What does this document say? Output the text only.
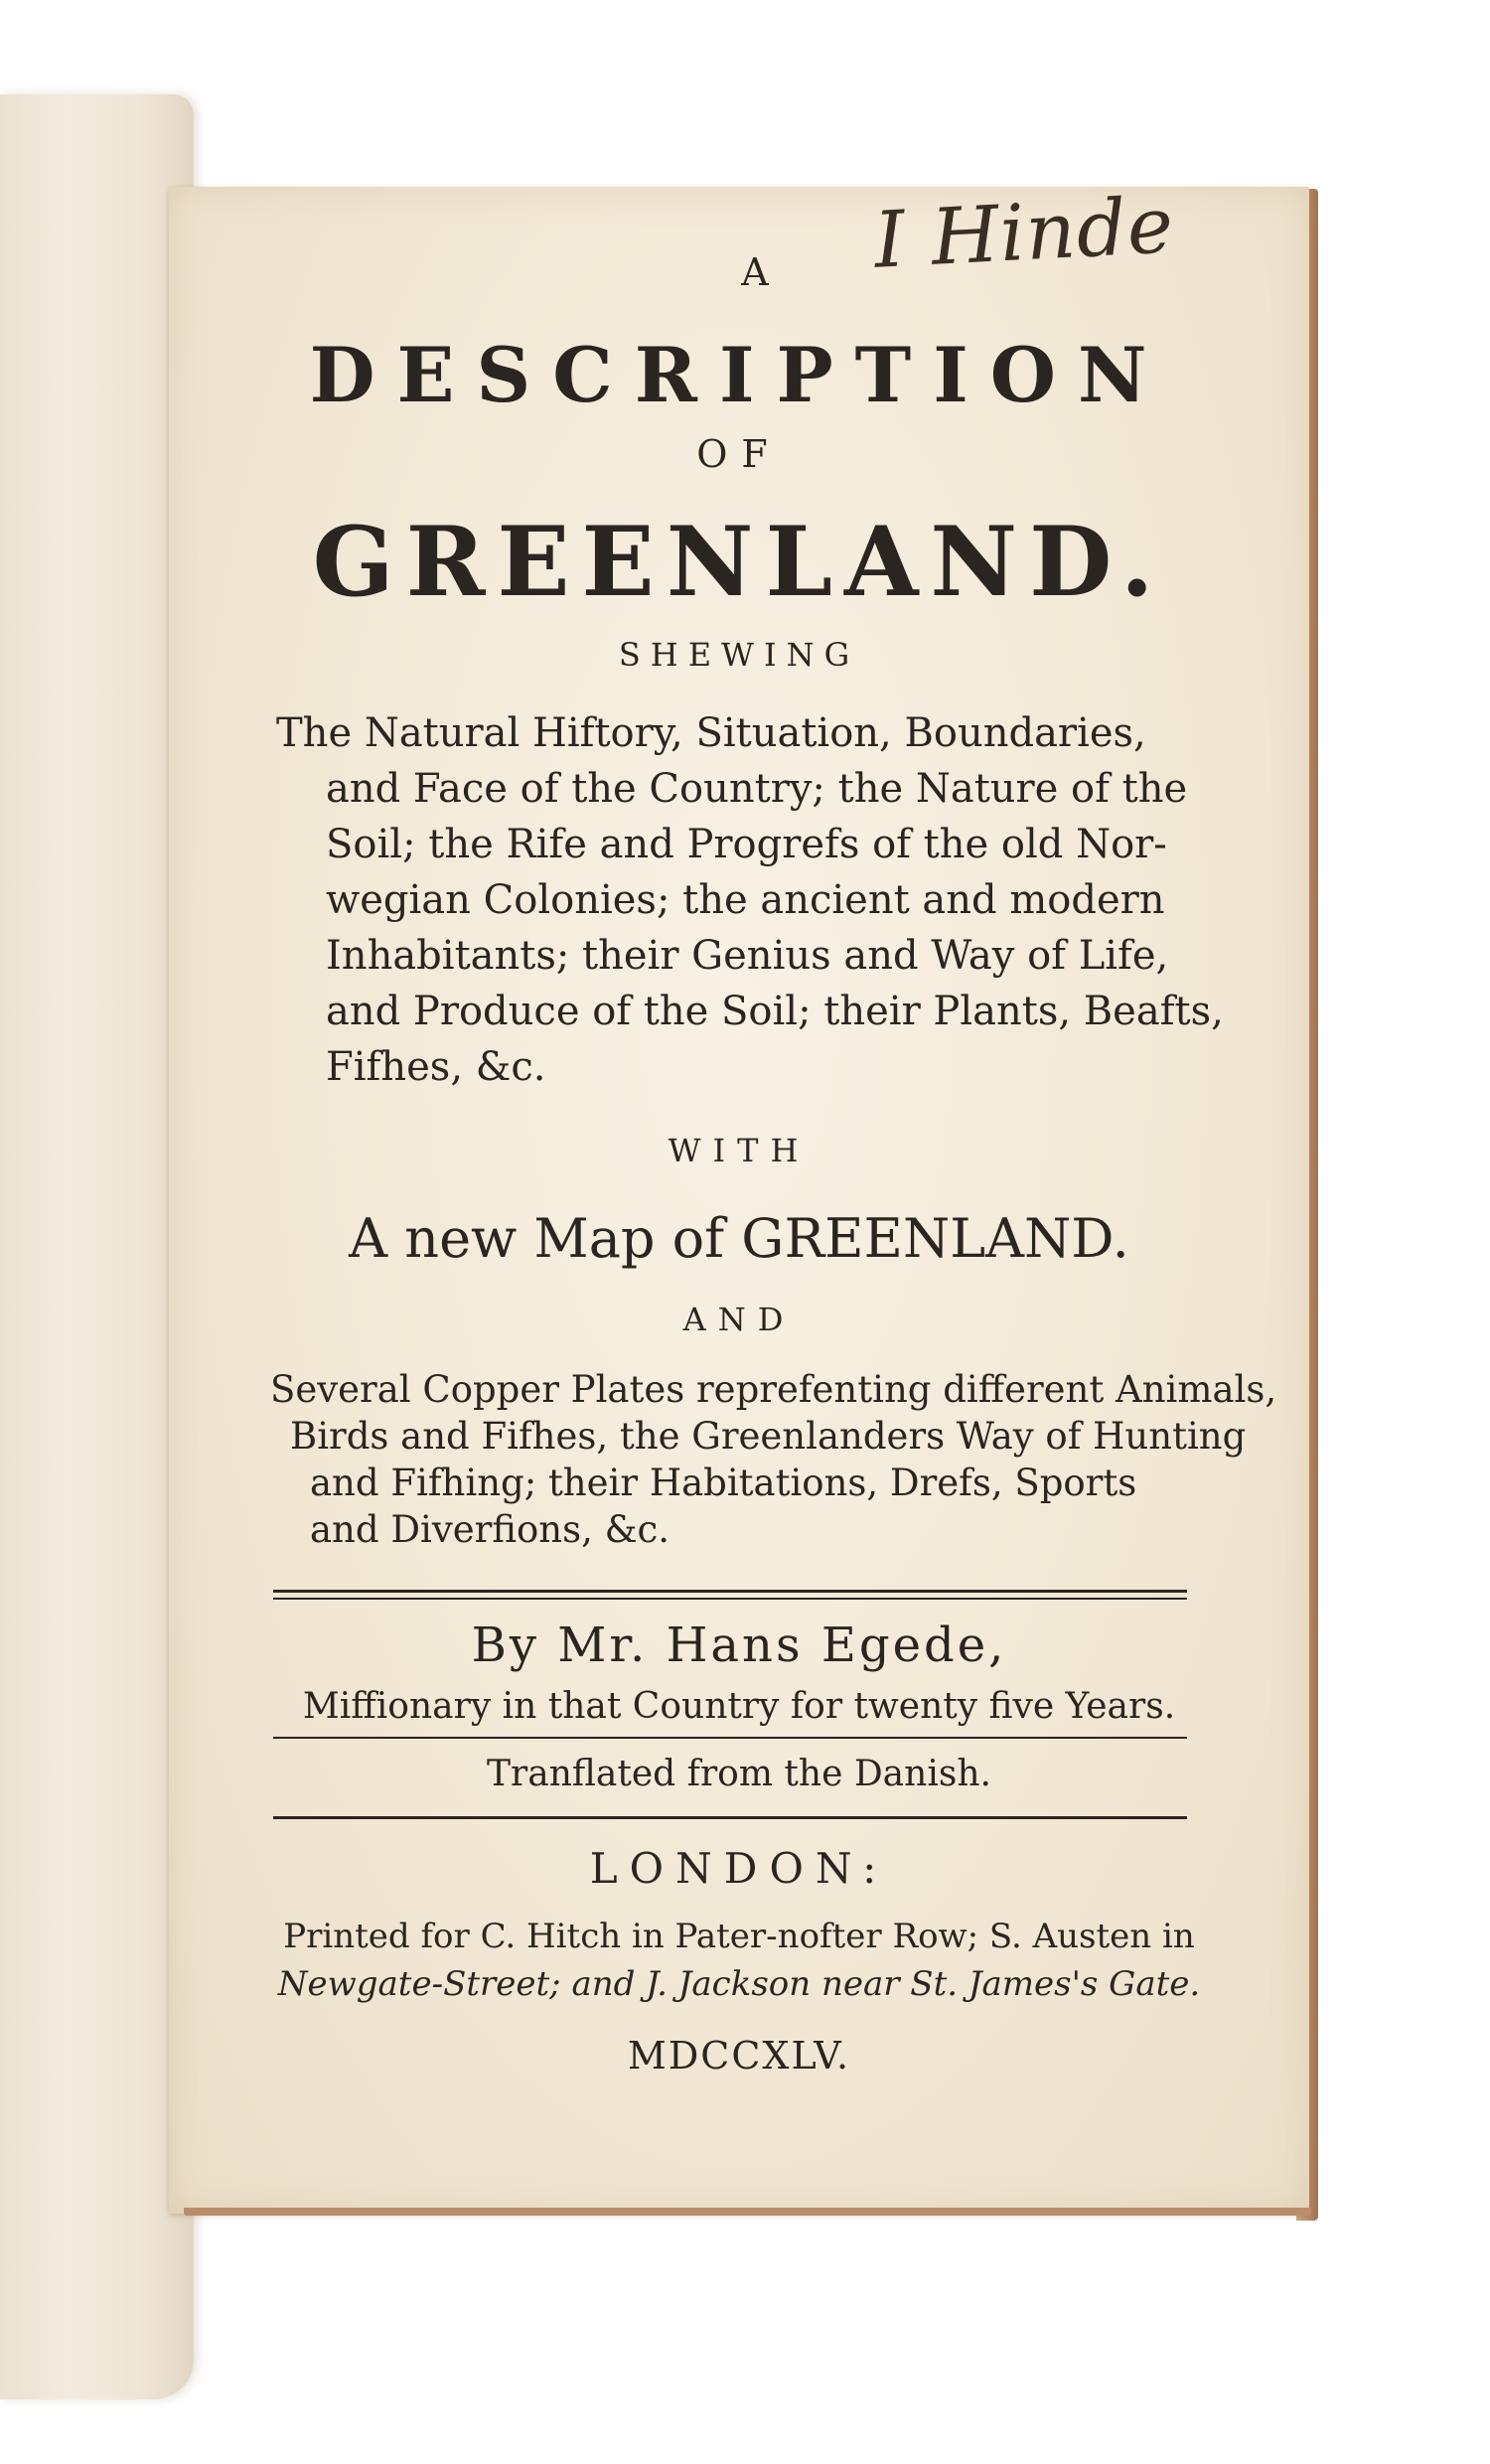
I Hinde
A
DESCRIPTION
OF
GREENLAND.
SHEWING
The Natural Hiftory, Situation, Boundaries,
and Face of the Country; the Nature of the
Soil; the Rife and Progrefs of the old Nor-
wegian Colonies; the ancient and modern
Inhabitants; their Genius and Way of Life,
and Produce of the Soil; their Plants, Beafts,
Fifhes, &c.
WITH
A new Map of GREENLAND.
AND
Several Copper Plates reprefenting different Animals,
Birds and Fifhes, the Greenlanders Way of Hunting
and Fifhing; their Habitations, Drefs, Sports
and Diverfions, &c.
By Mr. Hans Egede,
Miffionary in that Country for twenty five Years.
Tranflated from the Danish.
LONDON:
Printed for C. Hitch in Pater-nofter Row; S. Austen in
Newgate-Street; and J. Jackson near St. James's Gate.
MDCCXLV.
